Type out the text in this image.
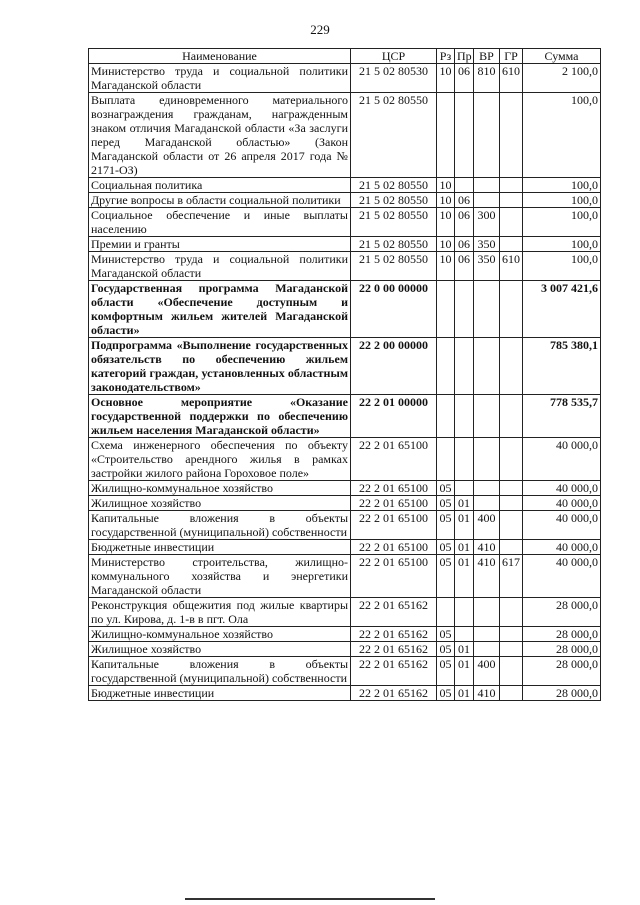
229
Наименование	ЦСР	Рз	Пр	ВР	ГР	Сумма
Министерство труда и социальной политики Магаданской области	21 5 02 80530	10	06	810	610	2 100,0
Выплата единовременного материального вознаграждения гражданам, награжденным знаком отличия Магаданской области «За заслуги перед Магаданской областью» (Закон Магаданской области от 26 апреля 2017 года № 2171-ОЗ)	21 5 02 80550					100,0
Социальная политика	21 5 02 80550	10				100,0
Другие вопросы в области социальной политики	21 5 02 80550	10	06			100,0
Социальное обеспечение и иные выплаты населению	21 5 02 80550	10	06	300		100,0
Премии и гранты	21 5 02 80550	10	06	350		100,0
Министерство труда и социальной политики Магаданской области	21 5 02 80550	10	06	350	610	100,0
Государственная программа Магаданской области «Обеспечение доступным и комфортным жильем жителей Магаданской области»	22 0 00 00000					3 007 421,6
Подпрограмма «Выполнение государственных обязательств по обеспечению жильем категорий граждан, установленных областным законодательством»	22 2 00 00000					785 380,1
Основное мероприятие «Оказание государственной поддержки по обеспечению жильем населения Магаданской области»	22 2 01 00000					778 535,7
Схема инженерного обеспечения по объекту «Строительство арендного жилья в рамках застройки жилого района Гороховое поле»	22 2 01 65100					40 000,0
Жилищно-коммунальное хозяйство	22 2 01 65100	05				40 000,0
Жилищное хозяйство	22 2 01 65100	05	01			40 000,0
Капитальные вложения в объекты государственной (муниципальной) собственности	22 2 01 65100	05	01	400		40 000,0
Бюджетные инвестиции	22 2 01 65100	05	01	410		40 000,0
Министерство строительства, жилищно-коммунального хозяйства и энергетики Магаданской области	22 2 01 65100	05	01	410	617	40 000,0
Реконструкция общежития под жилые квартиры по ул. Кирова, д. 1-в в пгт. Ола	22 2 01 65162					28 000,0
Жилищно-коммунальное хозяйство	22 2 01 65162	05				28 000,0
Жилищное хозяйство	22 2 01 65162	05	01			28 000,0
Капитальные вложения в объекты государственной (муниципальной) собственности	22 2 01 65162	05	01	400		28 000,0
Бюджетные инвестиции	22 2 01 65162	05	01	410		28 000,0
